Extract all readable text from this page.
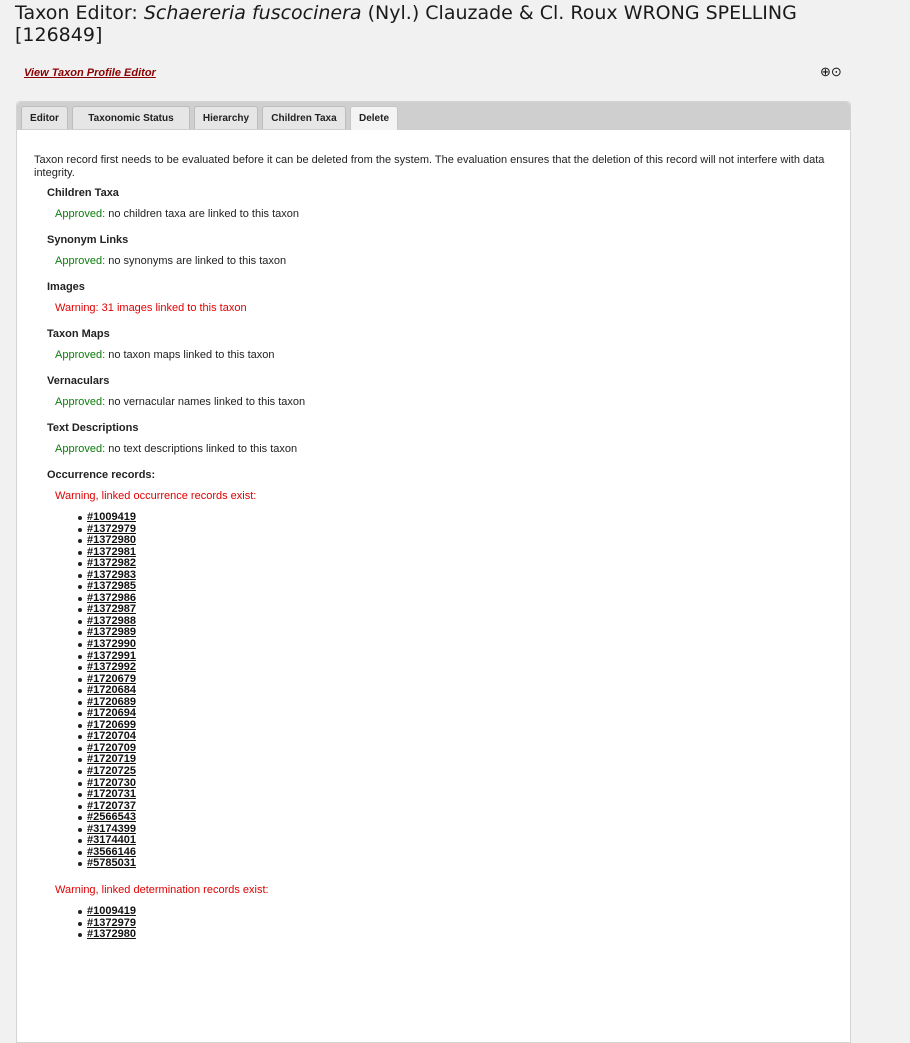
Taxon Editor: Schaereria fuscocinera (Nyl.) Clauzade & Cl. Roux WRONG SPELLING [126849]
View Taxon Profile Editor	⊕⊙
Editor	Taxonomic Status	Hierarchy	Children Taxa	Delete

Taxon record first needs to be evaluated before it can be deleted from the system. The evaluation ensures that the deletion of this record will not interfere with data integrity.

Children Taxa
Approved: no children taxa are linked to this taxon
Synonym Links
Approved: no synonyms are linked to this taxon
Images
Warning: 31 images linked to this taxon
Taxon Maps
Approved: no taxon maps linked to this taxon
Vernaculars
Approved: no vernacular names linked to this taxon
Text Descriptions
Approved: no text descriptions linked to this taxon
Occurrence records:
Warning, linked occurrence records exist:
#1009419
#1372979
#1372980
#1372981
#1372982
#1372983
#1372985
#1372986
#1372987
#1372988
#1372989
#1372990
#1372991
#1372992
#1720679
#1720684
#1720689
#1720694
#1720699
#1720704
#1720709
#1720719
#1720725
#1720730
#1720731
#1720737
#2566543
#3174399
#3174401
#3566146
#5785031
Warning, linked determination records exist:
#1009419
#1372979
#1372980
